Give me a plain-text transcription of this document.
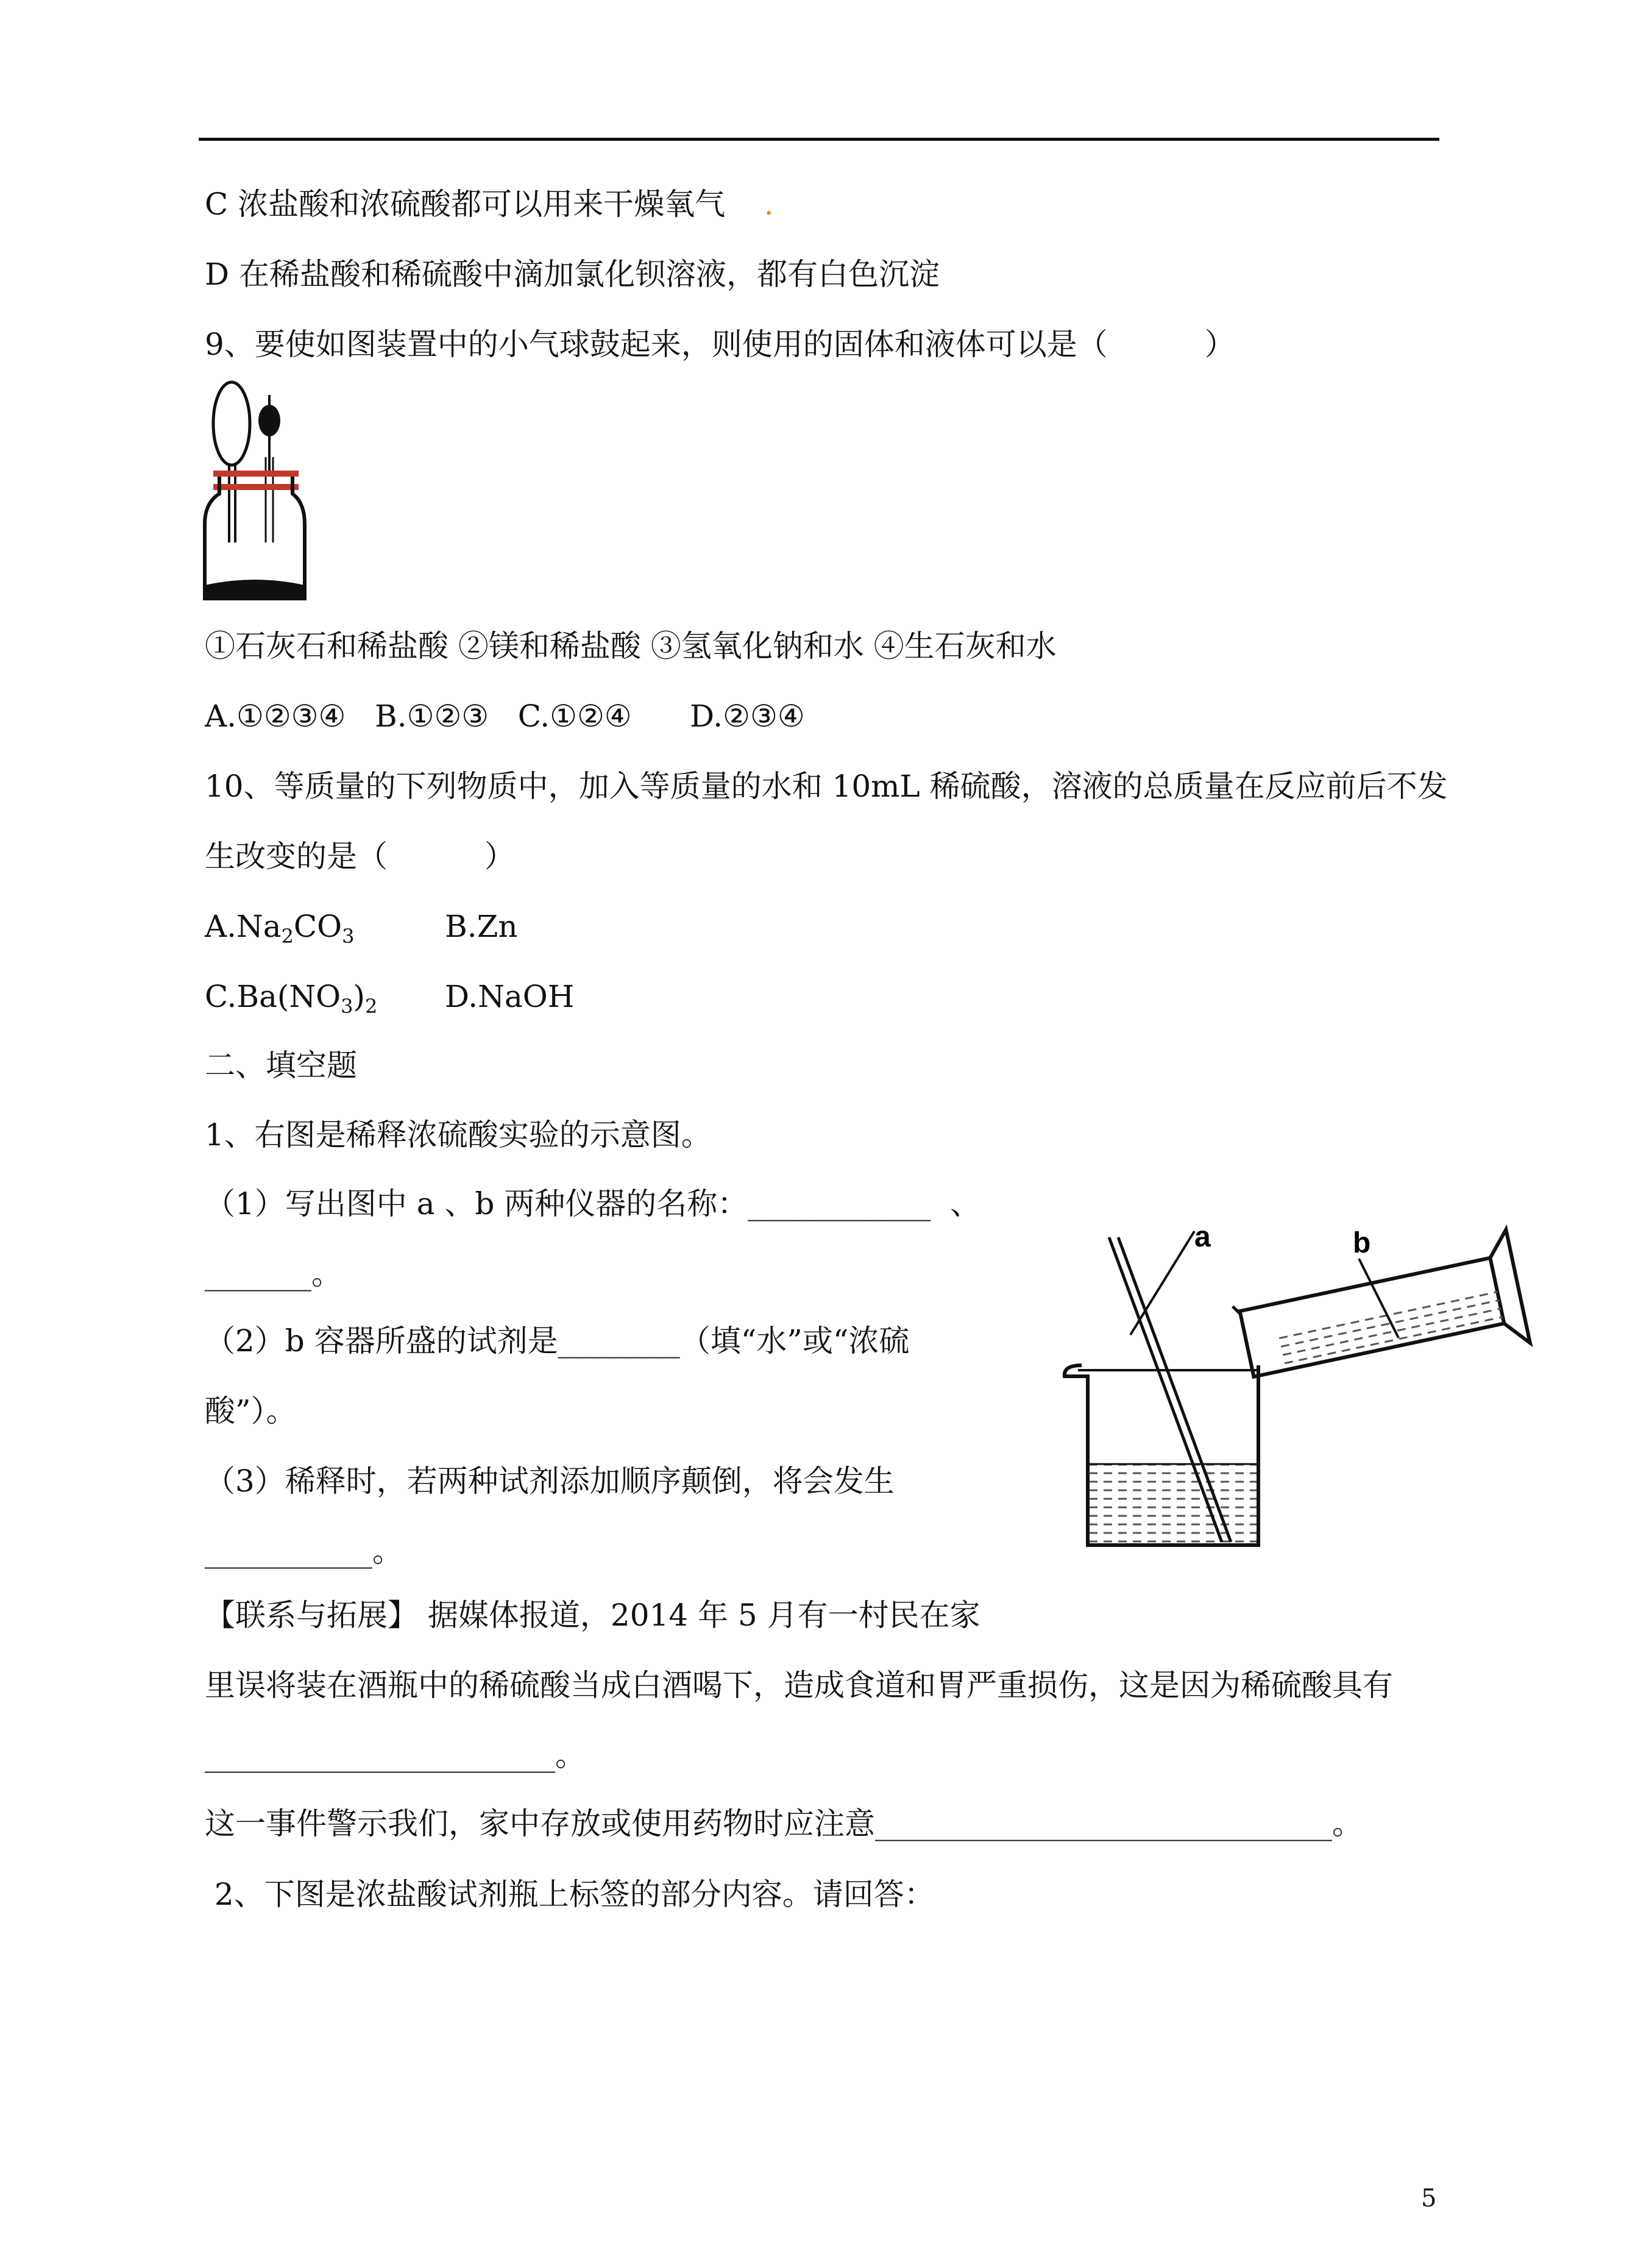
C 浓盐酸和浓硫酸都可以用来干燥氧气    .
D 在稀盐酸和稀硫酸中滴加氯化钡溶液，都有白色沉淀
9、要使如图装置中的小气球鼓起来，则使用的固体和液体可以是（          ）
①石灰石和稀盐酸 ②镁和稀盐酸 ③氢氧化钠和水 ④生石灰和水
A.①②③④   B.①②③   C.①②④      D.②③④
10、等质量的下列物质中，加入等质量的水和 10mL 稀硫酸，溶液的总质量在反应前后不发
生改变的是（          ）
$A.Na_2CO_3$	B.Zn
$C.Ba(NO_3)_2$ D.NaOH
二、填空题
1、右图是稀释浓硫酸实验的示意图。
（1）写出图中 a 、b 两种仪器的名称：____________  、
_______。
（2）b 容器所盛的试剂是________（填“水”或“浓硫
酸”）。
（3）稀释时，若两种试剂添加顺序颠倒，将会发生
___________。
a	b
【联系与拓展】 据媒体报道，2014 年 5 月有一村民在家
里误将装在酒瓶中的稀硫酸当成白酒喝下，造成食道和胃严重损伤，这是因为稀硫酸具有
_______________________。
这一事件警示我们，家中存放或使用药物时应注意______________________________。
2、下图是浓盐酸试剂瓶上标签的部分内容。请回答：
5
